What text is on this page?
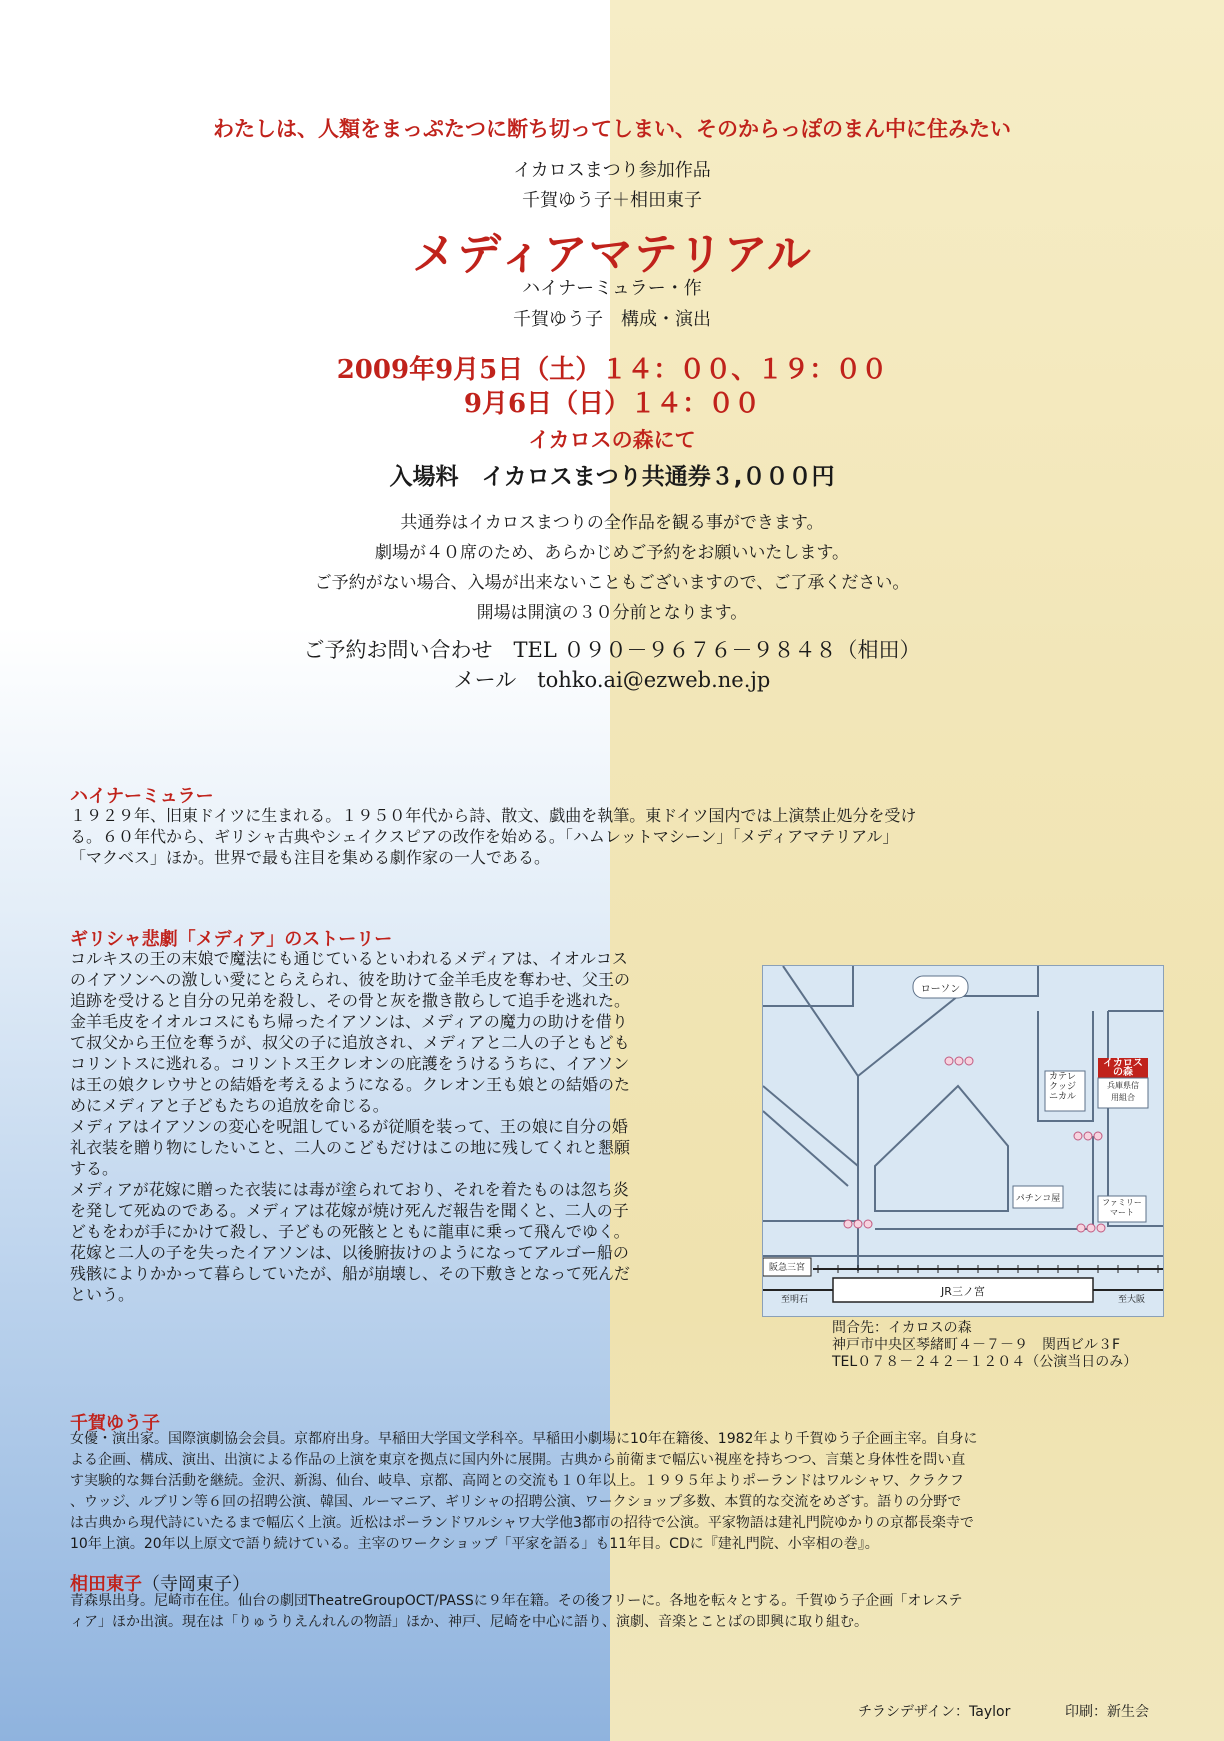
わたしは、人類をまっぷたつに断ち切ってしまい、そのからっぽのまん中に住みたい
イカロスまつり参加作品
千賀ゆう子＋相田東子
メディアマテリアル
ハイナーミュラー・作
千賀ゆう子　構成・演出
2009年9月5日（土）１４：００、１９：００
9月6日（日）１４：００
イカロスの森にて
入場料　イカロスまつり共通券３,０００円
共通券はイカロスまつりの全作品を観る事ができます。
劇場が４０席のため、あらかじめご予約をお願いいたします。
ご予約がない場合、入場が出来ないこともございますので、ご了承ください。
開場は開演の３０分前となります。
ご予約お問い合わせ　TEL ０９０－９６７６－９８４８（相田）
メール　tohko.ai@ezweb.ne.jp
ハイナーミュラー
１９２９年、旧東ドイツに生まれる。１９５０年代から詩、散文、戯曲を執筆。東ドイツ国内では上演禁止処分を受け
る。６０年代から、ギリシャ古典やシェイクスピアの改作を始める。「ハムレットマシーン」「メディアマテリアル」
「マクベス」ほか。世界で最も注目を集める劇作家の一人である。
ギリシャ悲劇「メディア」のストーリー
コルキスの王の末娘で魔法にも通じているといわれるメディアは、イオルコス
のイアソンへの激しい愛にとらえられ、彼を助けて金羊毛皮を奪わせ、父王の
追跡を受けると自分の兄弟を殺し、その骨と灰を撒き散らして追手を逃れた。
金羊毛皮をイオルコスにもち帰ったイアソンは、メディアの魔力の助けを借り
て叔父から王位を奪うが、叔父の子に追放され、メディアと二人の子ともども
コリントスに逃れる。コリントス王クレオンの庇護をうけるうちに、イアソン
は王の娘クレウサとの結婚を考えるようになる。クレオン王も娘との結婚のた
めにメディアと子どもたちの追放を命じる。
メディアはイアソンの変心を呪詛しているが従順を装って、王の娘に自分の婚
礼衣装を贈り物にしたいこと、二人のこどもだけはこの地に残してくれと懇願
する。
メディアが花嫁に贈った衣装には毒が塗られており、それを着たものは忽ち炎
を発して死ぬのである。メディアは花嫁が焼け死んだ報告を聞くと、二人の子
どもをわが手にかけて殺し、子どもの死骸とともに龍車に乗って飛んでゆく。
花嫁と二人の子を失ったイアソンは、以後腑抜けのようになってアルゴー船の
残骸によりかかって暮らしていたが、船が崩壊し、その下敷きとなって死んだ
という。
ローソン
カテレクッジニカル
イカロス
の森
兵庫県信
用組合
パチンコ屋	ファミリー
マート
阪急三宮
JR三ノ宮
至明石	至大阪
問合先：イカロスの森
神戸市中央区琴緒町４－７－９　関西ビル３F
TEL０７８－２４２－１２０４（公演当日のみ）
千賀ゆう子
女優・演出家。国際演劇協会会員。京都府出身。早稲田大学国文学科卒。早稲田小劇場に10年在籍後、1982年より千賀ゆう子企画主宰。自身に
よる企画、構成、演出、出演による作品の上演を東京を拠点に国内外に展開。古典から前衛まで幅広い視座を持ちつつ、言葉と身体性を問い直
す実験的な舞台活動を継続。金沢、新潟、仙台、岐阜、京都、高岡との交流も１０年以上。１９９５年よりポーランドはワルシャワ、クラクフ
、ウッジ、ルブリン等６回の招聘公演、韓国、ルーマニア、ギリシャの招聘公演、ワークショップ多数、本質的な交流をめざす。語りの分野で
は古典から現代詩にいたるまで幅広く上演。近松はポーランドワルシャワ大学他3都市の招待で公演。平家物語は建礼門院ゆかりの京都長楽寺で
10年上演。20年以上原文で語り続けている。主宰のワークショップ「平家を語る」も11年目。CDに『建礼門院、小宰相の巻』。
相田東子（寺岡東子）
青森県出身。尼崎市在住。仙台の劇団TheatreGroupOCT/PASSに９年在籍。その後フリーに。各地を転々とする。千賀ゆう子企画「オレステ
ィア」ほか出演。現在は「りゅうりえんれんの物語」ほか、神戸、尼崎を中心に語り、演劇、音楽とことばの即興に取り組む。
チラシデザイン：Taylor	印刷：新生会
